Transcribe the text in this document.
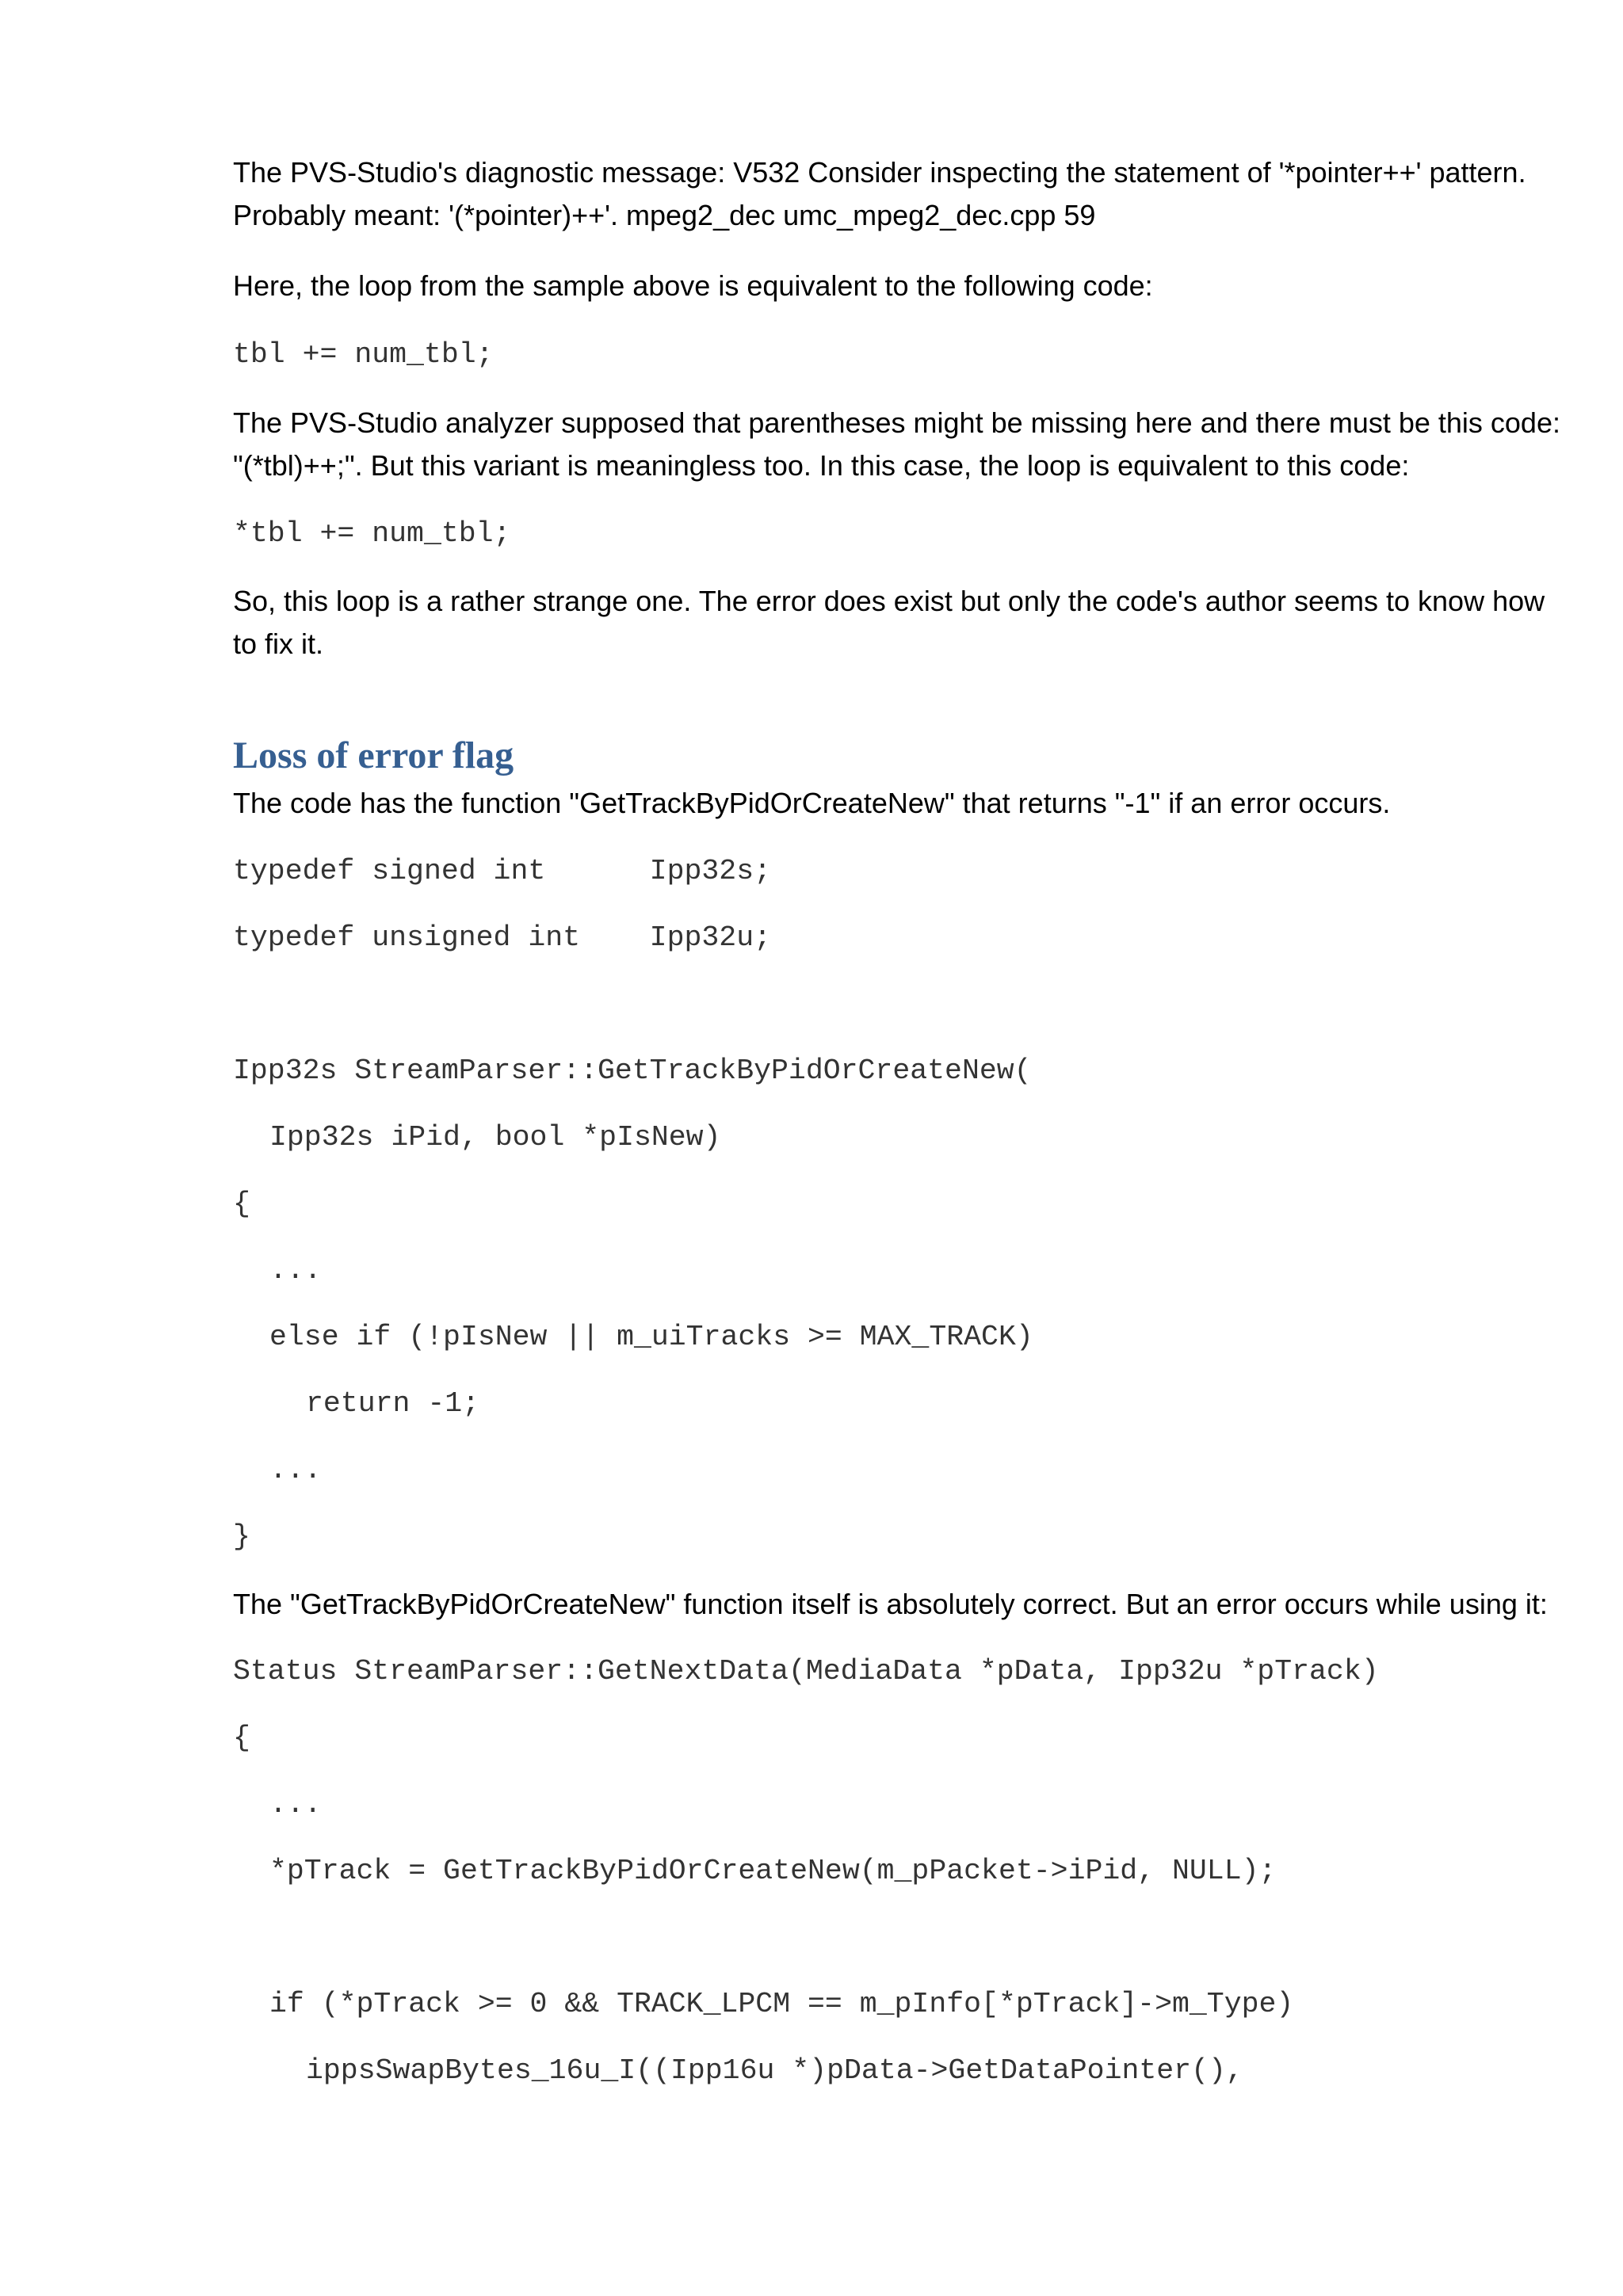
The PVS-Studio's diagnostic message: V532 Consider inspecting the statement of '*pointer++' pattern.

Probably meant: '(*pointer)++'. mpeg2_dec umc_mpeg2_dec.cpp 59

Here, the loop from the sample above is equivalent to the following code:

tbl += num_tbl;

The PVS-Studio analyzer supposed that parentheses might be missing here and there must be this code:

"(*tbl)++;". But this variant is meaningless too. In this case, the loop is equivalent to this code:

*tbl += num_tbl;

So, this loop is a rather strange one. The error does exist but only the code's author seems to know how

to fix it.

Loss of error flag

The code has the function "GetTrackByPidOrCreateNew" that returns "-1" if an error occurs.

typedef signed int      Ipp32s;
typedef unsigned int    Ipp32u;
Ipp32s StreamParser::GetTrackByPidOrCreateNew(
Ipp32s iPid, bool *pIsNew)
{
...
else if (!pIsNew || m_uiTracks >= MAX_TRACK)
return -1;
...
}

The "GetTrackByPidOrCreateNew" function itself is absolutely correct. But an error occurs while using it:

Status StreamParser::GetNextData(MediaData *pData, Ipp32u *pTrack)
{
...
*pTrack = GetTrackByPidOrCreateNew(m_pPacket->iPid, NULL);
if (*pTrack >= 0 && TRACK_LPCM == m_pInfo[*pTrack]->m_Type)
ippsSwapBytes_16u_I((Ipp16u *)pData->GetDataPointer(),
